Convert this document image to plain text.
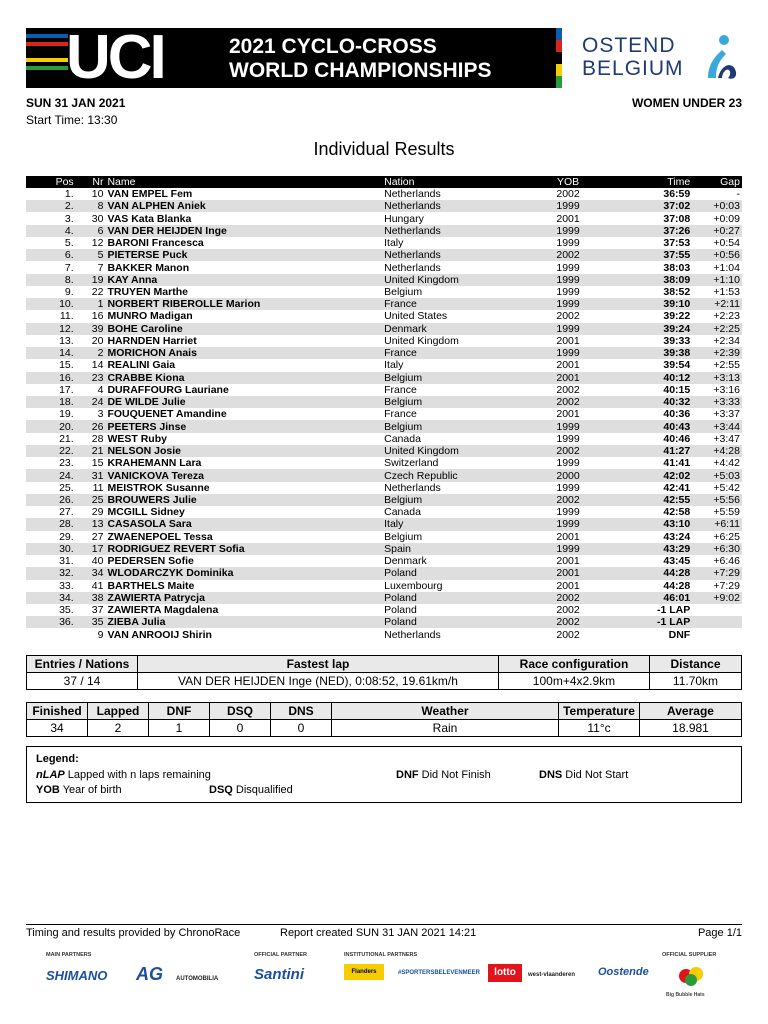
UCI	2021 CYCLO-CROSS
WORLD CHAMPIONSHIPS
OSTEND
BELGIUM
SUN 31 JAN 2021
Start Time: 13:30
WOMEN UNDER 23
Individual Results
Pos	Nr	Name	Nation	YOB	Time	Gap
1.	10	VAN EMPEL Fem	Netherlands	2002	36:59	-
2.	8	VAN ALPHEN Aniek	Netherlands	1999	37:02	+0:03
3.	30	VAS Kata Blanka	Hungary	2001	37:08	+0:09
4.	6	VAN DER HEIJDEN Inge	Netherlands	1999	37:26	+0:27
5.	12	BARONI Francesca	Italy	1999	37:53	+0:54
6.	5	PIETERSE Puck	Netherlands	2002	37:55	+0:56
7.	7	BAKKER Manon	Netherlands	1999	38:03	+1:04
8.	19	KAY Anna	United Kingdom	1999	38:09	+1:10
9.	22	TRUYEN Marthe	Belgium	1999	38:52	+1:53
10.	1	NORBERT RIBEROLLE Marion	France	1999	39:10	+2:11
11.	16	MUNRO Madigan	United States	2002	39:22	+2:23
12.	39	BOHE Caroline	Denmark	1999	39:24	+2:25
13.	20	HARNDEN Harriet	United Kingdom	2001	39:33	+2:34
14.	2	MORICHON Anais	France	1999	39:38	+2:39
15.	14	REALINI Gaia	Italy	2001	39:54	+2:55
16.	23	CRABBE Kiona	Belgium	2001	40:12	+3:13
17.	4	DURAFFOURG Lauriane	France	2002	40:15	+3:16
18.	24	DE WILDE Julie	Belgium	2002	40:32	+3:33
19.	3	FOUQUENET Amandine	France	2001	40:36	+3:37
20.	26	PEETERS Jinse	Belgium	1999	40:43	+3:44
21.	28	WEST Ruby	Canada	1999	40:46	+3:47
22.	21	NELSON Josie	United Kingdom	2002	41:27	+4:28
23.	15	KRAHEMANN Lara	Switzerland	1999	41:41	+4:42
24.	31	VANICKOVA Tereza	Czech Republic	2000	42:02	+5:03
25.	11	MEISTROK Susanne	Netherlands	1999	42:41	+5:42
26.	25	BROUWERS Julie	Belgium	2002	42:55	+5:56
27.	29	MCGILL Sidney	Canada	1999	42:58	+5:59
28.	13	CASASOLA Sara	Italy	1999	43:10	+6:11
29.	27	ZWAENEPOEL Tessa	Belgium	2001	43:24	+6:25
30.	17	RODRIGUEZ REVERT Sofia	Spain	1999	43:29	+6:30
31.	40	PEDERSEN Sofie	Denmark	2001	43:45	+6:46
32.	34	WLODARCZYK Dominika	Poland	2001	44:28	+7:29
33.	41	BARTHELS Maite	Luxembourg	2001	44:28	+7:29
34.	38	ZAWIERTA Patrycja	Poland	2002	46:01	+9:02
35.	37	ZAWIERTA Magdalena	Poland	2002	-1 LAP	
36.	35	ZIEBA Julia	Poland	2002	-1 LAP	
	9	VAN ANROOIJ Shirin	Netherlands	2002	DNF	
Entries / Nations	Fastest lap	Race configuration	Distance
37 / 14	VAN DER HEIJDEN Inge (NED), 0:08:52, 19.61km/h	100m+4x2.9km	11.70km
Finished	Lapped	DNF	DSQ	DNS	Weather	Temperature	Average
34	2	1	0	0	Rain	11°c	18.981
Legend:
nLAP Lapped with n laps remaining	DNF Did Not Finish	DNS Did Not Start
YOB Year of birth	DSQ Disqualified
Timing and results provided by ChronoRace	Report created SUN 31 JAN 2021 14:21	Page 1/1
MAIN PARTNERS	OFFICIAL PARTNER	INSTITUTIONAL PARTNERS	OFFICIAL SUPPLIER
SHIMANO AG AUTOMOBILIA Santini	Flanders	#SPORTERSBELEVENMEER	lotto	west-vlaanderen Oostende
Big Bubble Hats
